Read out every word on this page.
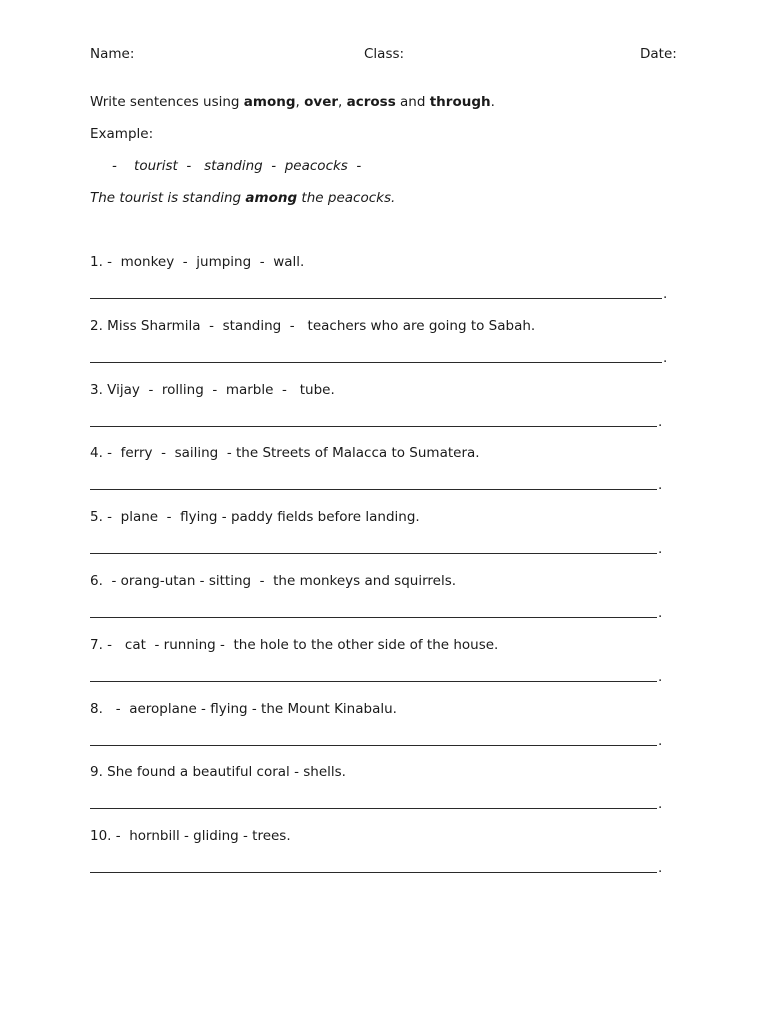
Name:

	Class:

	Date:

Write sentences using among, over, across and through.
Example:
-    tourist  -   standing  -  peacocks  -
The tourist is standing among the peacocks.
1. -  monkey  -  jumping  -  wall.
.
2. Miss Sharmila  -  standing  -   teachers who are going to Sabah.
.
3. Vijay  -  rolling  -  marble  -   tube.
.
4. -  ferry  -  sailing  - the Streets of Malacca to Sumatera.
.
5. -  plane  -  flying - paddy fields before landing.
.
6.  - orang-utan - sitting  -  the monkeys and squirrels.
.
7. -   cat  - running -  the hole to the other side of the house.
.
8.   -  aeroplane - flying - the Mount Kinabalu.
.
9. She found a beautiful coral - shells.
.
10. -  hornbill - gliding - trees.
.
